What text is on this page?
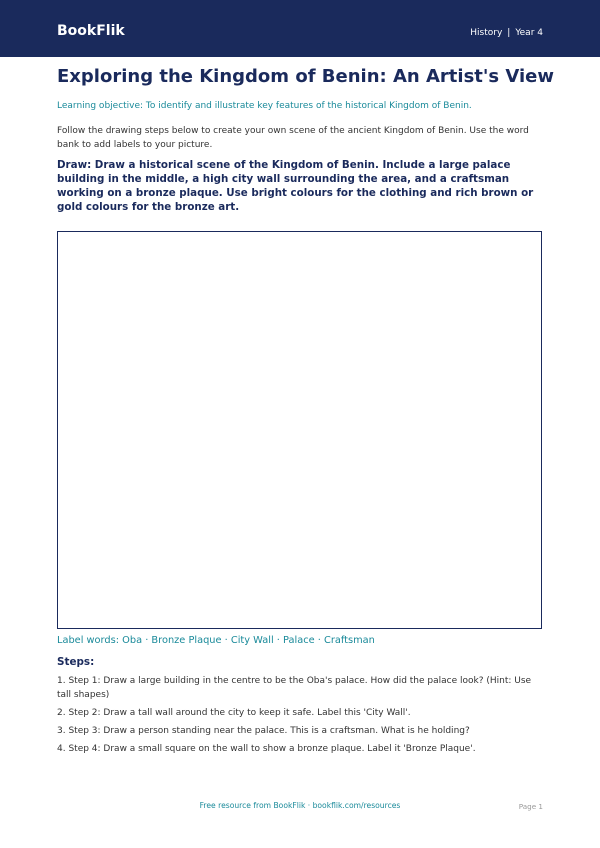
BookFlik	History | Year 4
Exploring the Kingdom of Benin: An Artist's View
Learning objective: To identify and illustrate key features of the historical Kingdom of Benin.
Follow the drawing steps below to create your own scene of the ancient Kingdom of Benin. Use the word bank to add labels to your picture.
Draw: Draw a historical scene of the Kingdom of Benin. Include a large palace building in the middle, a high city wall surrounding the area, and a craftsman working on a bronze plaque. Use bright colours for the clothing and rich brown or gold colours for the bronze art.
Label words: Oba · Bronze Plaque · City Wall · Palace · Craftsman
Steps:
1. Step 1: Draw a large building in the centre to be the Oba's palace. How did the palace look? (Hint: Use tall shapes)
2. Step 2: Draw a tall wall around the city to keep it safe. Label this 'City Wall'.
3. Step 3: Draw a person standing near the palace. This is a craftsman. What is he holding?
4. Step 4: Draw a small square on the wall to show a bronze plaque. Label it 'Bronze Plaque'.
Free resource from BookFlik · bookflik.com/resources	Page 1
